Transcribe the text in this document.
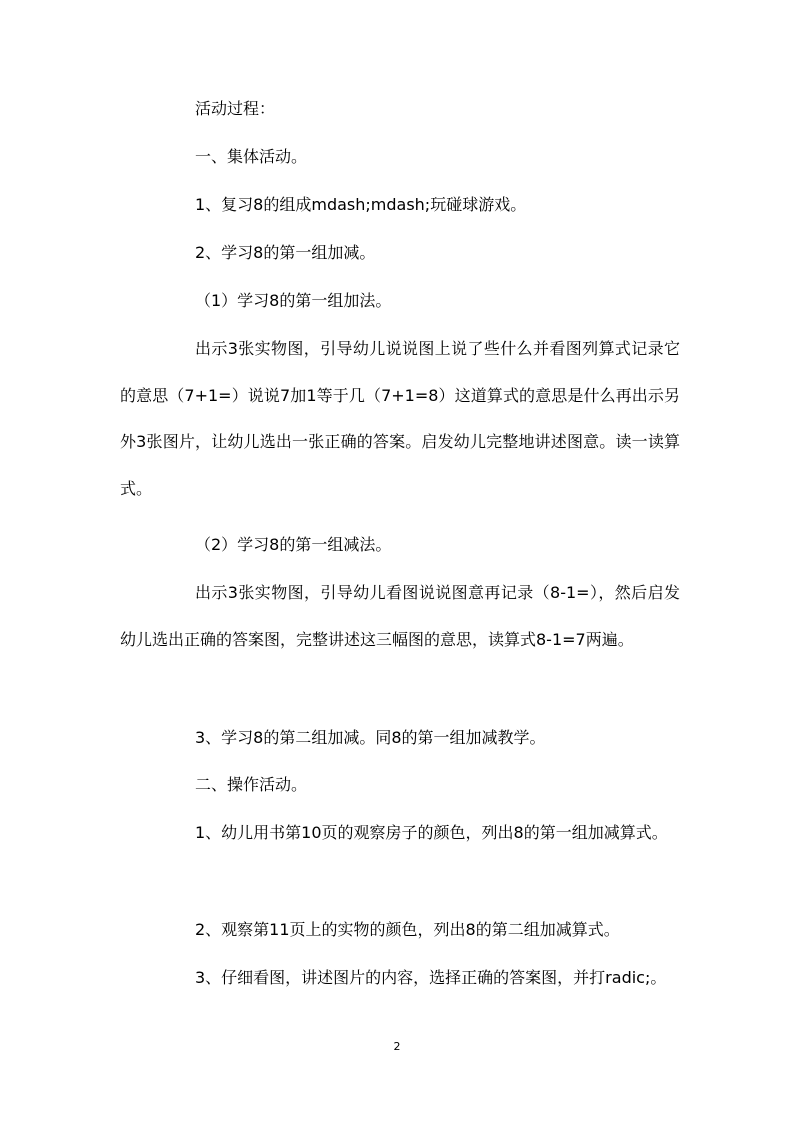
活动过程：

一、集体活动。

1、复习8的组成mdash;mdash;玩碰球游戏。

2、学习8的第一组加减。

（1）学习8的第一组加法。

出示3张实物图，引导幼儿说说图上说了些什么并看图列算式记录它的意思（7+1=）说说7加1等于几（7+1=8）这道算式的意思是什么再出示另外3张图片，让幼儿选出一张正确的答案。启发幼儿完整地讲述图意。读一读算式。

（2）学习8的第一组减法。

出示3张实物图，引导幼儿看图说说图意再记录（8-1=），然后启发幼儿选出正确的答案图，完整讲述这三幅图的意思，读算式8-1=7两遍。

3、学习8的第二组加减。同8的第一组加减教学。

二、操作活动。

1、幼儿用书第10页的观察房子的颜色，列出8的第一组加减算式。

2、观察第11页上的实物的颜色，列出8的第二组加减算式。

3、仔细看图，讲述图片的内容，选择正确的答案图，并打radic;。

2
